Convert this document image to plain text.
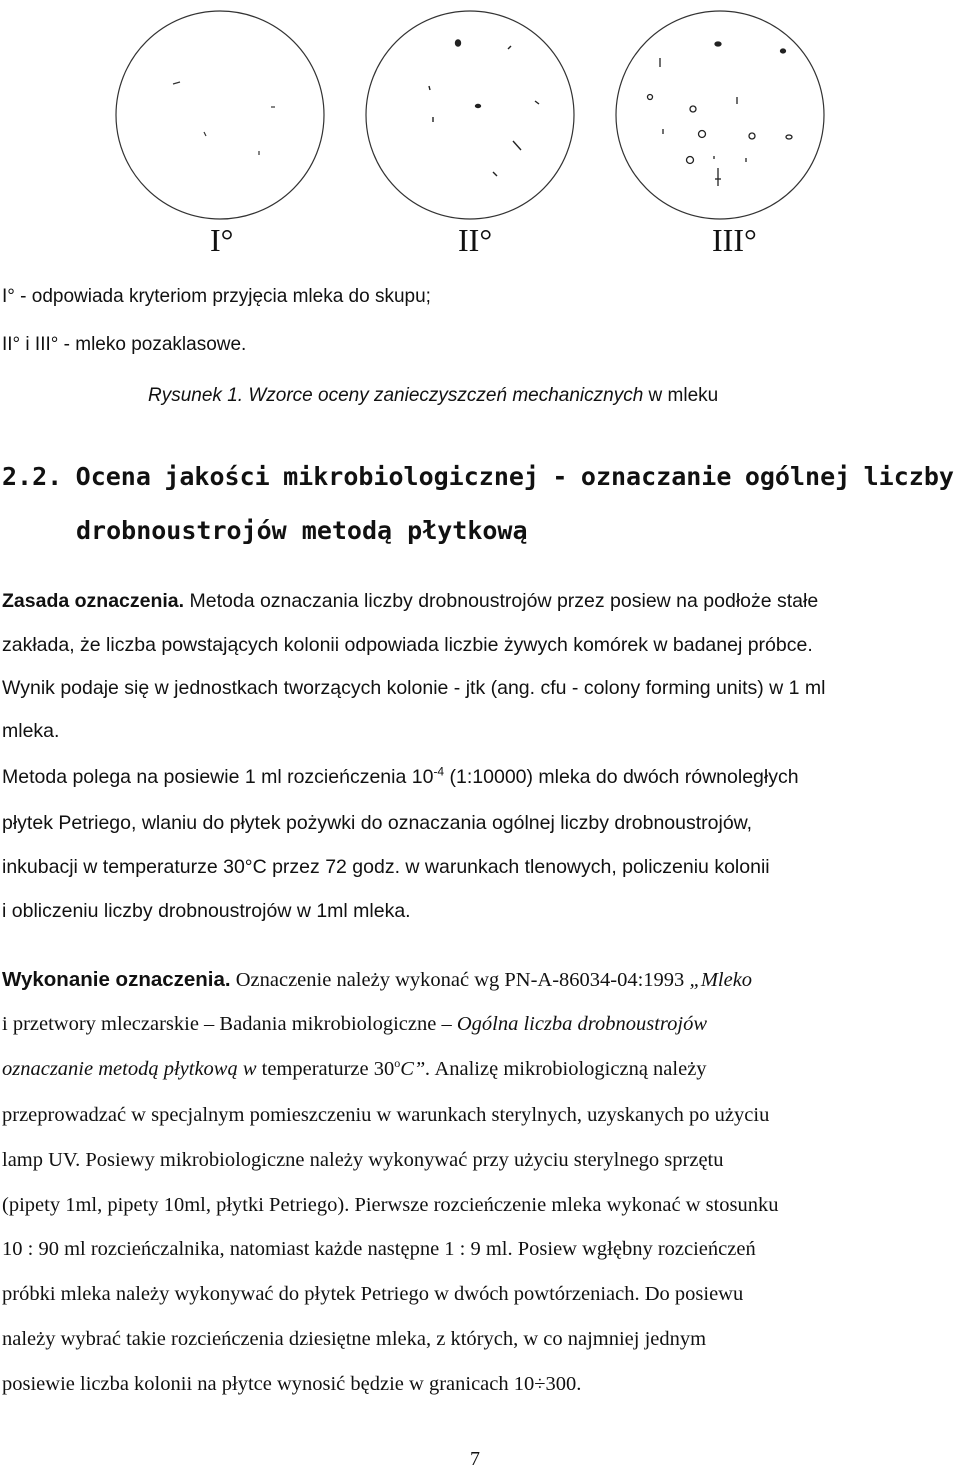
I°	II°	III°
I° - odpowiada kryteriom przyjęcia mleka do skupu;
II° i III° - mleko pozaklasowe.
Rysunek 1. Wzorce oceny zanieczyszczeń mechanicznych w mleku
2.2. Ocena jakości mikrobiologicznej - oznaczanie ogólnej liczby
drobnoustrojów metodą płytkową
Zasada oznaczenia. Metoda oznaczania liczby drobnoustrojów przez posiew na podłoże stałe
zakłada, że liczba powstających kolonii odpowiada liczbie żywych komórek w badanej próbce.
Wynik podaje się w jednostkach tworzących kolonie - jtk (ang. cfu - colony forming units) w 1 ml
mleka.
Metoda polega na posiewie 1 ml rozcieńczenia $10^{-4}$ (1:10000) mleka do dwóch równoległych
płytek Petriego, wlaniu do płytek pożywki do oznaczania ogólnej liczby drobnoustrojów,
inkubacji w temperaturze 30°C przez 72 godz. w warunkach tlenowych, policzeniu kolonii
i obliczeniu liczby drobnoustrojów w 1ml mleka.
Wykonanie oznaczenia. Oznaczenie należy wykonać wg PN-A-86034-04:1993 „Mleko
i przetwory mleczarskie – Badania mikrobiologiczne – Ogólna liczba drobnoustrojów
oznaczanie metodą płytkową w temperaturze 30$^o$C”. Analizę mikrobiologiczną należy
przeprowadzać w specjalnym pomieszczeniu w warunkach sterylnych, uzyskanych po użyciu
lamp UV. Posiewy mikrobiologiczne należy wykonywać przy użyciu sterylnego sprzętu
(pipety 1ml, pipety 10ml, płytki Petriego). Pierwsze rozcieńczenie mleka wykonać w stosunku
10 : 90 ml rozcieńczalnika, natomiast każde następne 1 : 9 ml. Posiew wgłębny rozcieńczeń
próbki mleka należy wykonywać do płytek Petriego w dwóch powtórzeniach. Do posiewu
należy wybrać takie rozcieńczenia dziesiętne mleka, z których, w co najmniej jednym
posiewie liczba kolonii na płytce wynosić będzie w granicach 10÷300.
7
